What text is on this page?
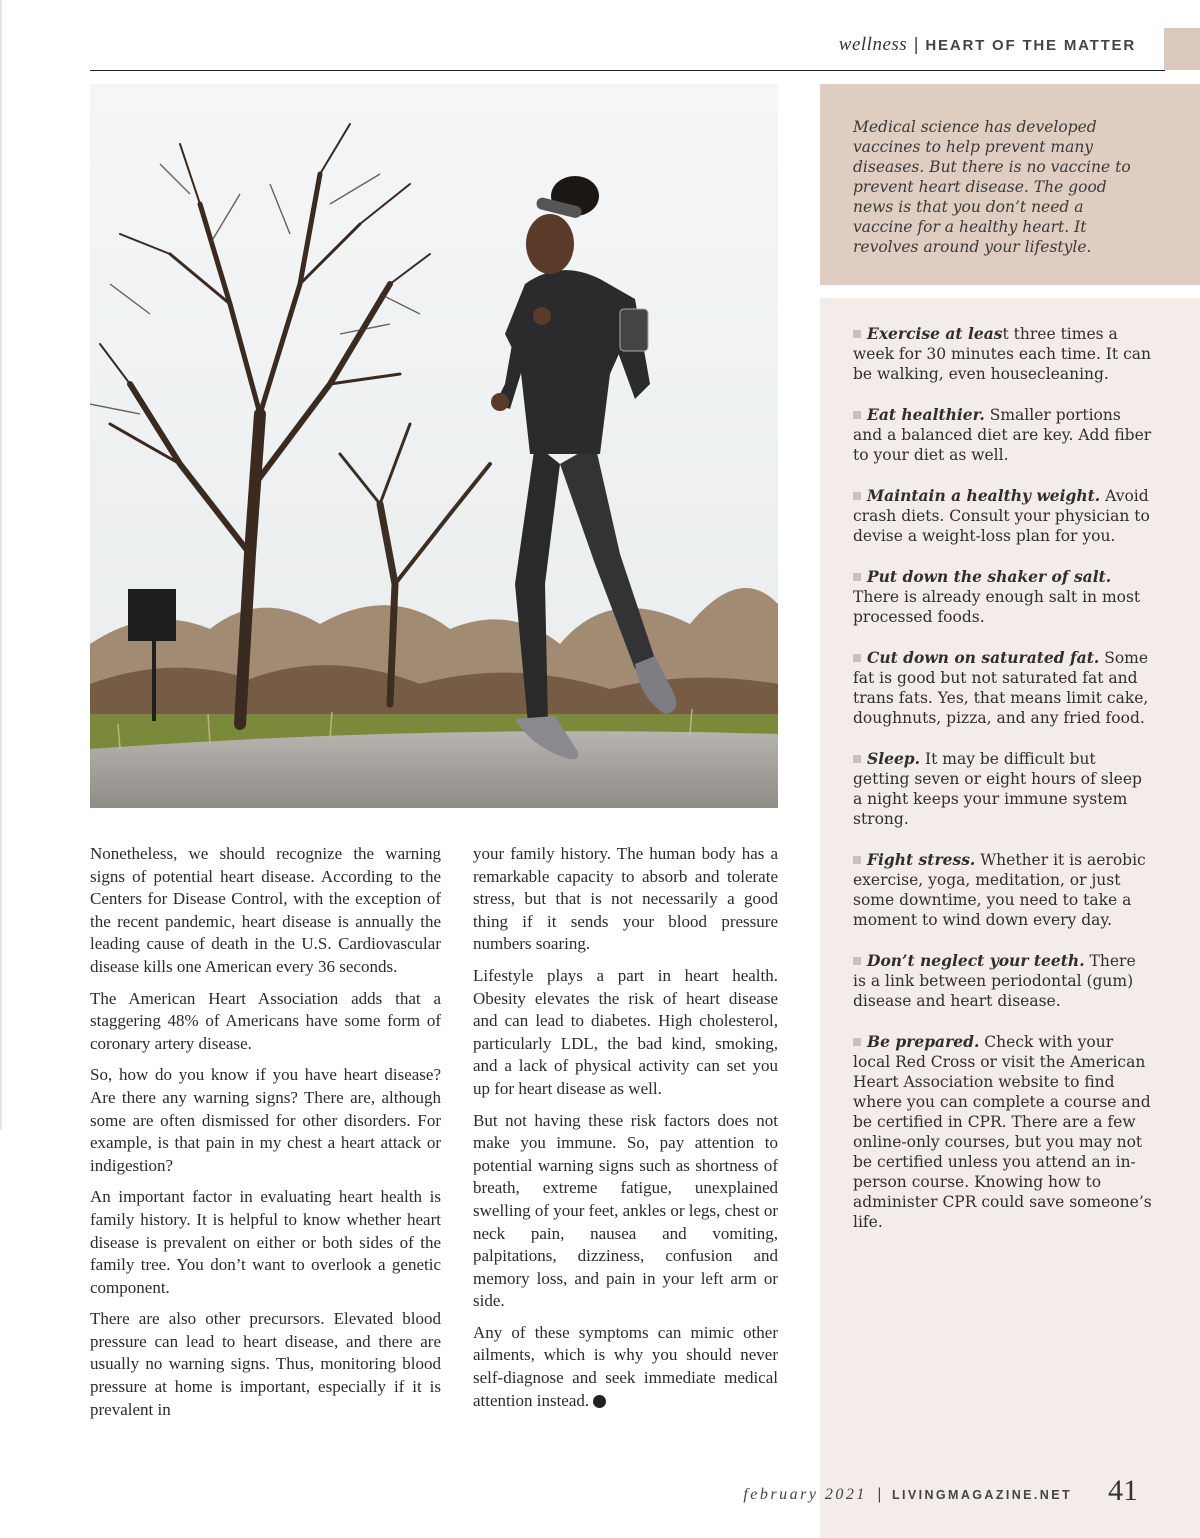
wellness | HEART OF THE MATTER

Nonetheless, we should recognize the warning signs of potential heart disease. According to the Centers for Disease Control, with the exception of the recent pandemic, heart disease is annually the leading cause of death in the U.S. Cardiovascular disease kills one American every 36 seconds.

The American Heart Association adds that a staggering 48% of Americans have some form of coronary artery disease.

So, how do you know if you have heart disease? Are there any warning signs? There are, although some are often dismissed for other disorders. For example, is that pain in my chest a heart attack or indigestion?

An important factor in evaluating heart health is family history. It is helpful to know whether heart disease is prevalent on either or both sides of the family tree. You don’t want to overlook a genetic component.

There are also other precursors. Elevated blood pressure can lead to heart disease, and there are usually no warning signs. Thus, monitoring blood pressure at home is important, especially if it is prevalent in

your family history. The human body has a remarkable capacity to absorb and tolerate stress, but that is not necessarily a good thing if it sends your blood pressure numbers soaring.

Lifestyle plays a part in heart health. Obesity elevates the risk of heart disease and can lead to diabetes. High cholesterol, particularly LDL, the bad kind, smoking, and a lack of physical activity can set you up for heart disease as well.

But not having these risk factors does not make you immune. So, pay attention to potential warning signs such as shortness of breath, extreme fatigue, unexplained swelling of your feet, ankles or legs, chest or neck pain, nausea and vomiting, palpitations, dizziness, confusion and memory loss, and pain in your left arm or side.

Any of these symptoms can mimic other ailments, which is why you should never self-diagnose and seek immediate medical attention instead.

Medical science has developed vaccines to help prevent many diseases. But there is no vaccine to prevent heart disease. The good news is that you don’t need a vaccine for a healthy heart. It revolves around your lifestyle.
Exercise at least three times a week for 30 minutes each time. It can be walking, even housecleaning.
Eat healthier. Smaller portions and a balanced diet are key. Add fiber to your diet as well.
Maintain a healthy weight. Avoid crash diets. Consult your physician to devise a weight-loss plan for you.
Put down the shaker of salt. There is already enough salt in most processed foods.
Cut down on saturated fat. Some fat is good but not saturated fat and trans fats. Yes, that means limit cake, doughnuts, pizza, and any fried food.
Sleep. It may be difficult but getting seven or eight hours of sleep a night keeps your immune system strong.
Fight stress. Whether it is aerobic exercise, yoga, meditation, or just some downtime, you need to take a moment to wind down every day.
Don’t neglect your teeth. There is a link between periodontal (gum) disease and heart disease.
Be prepared. Check with your local Red Cross or visit the American Heart Association website to find where you can complete a course and be certified in CPR. There are a few online-only courses, but you may not be certified unless you attend an in-person course. Knowing how to administer CPR could save someone’s life.
february 2021 | LIVINGMAGAZINE.NET 41
